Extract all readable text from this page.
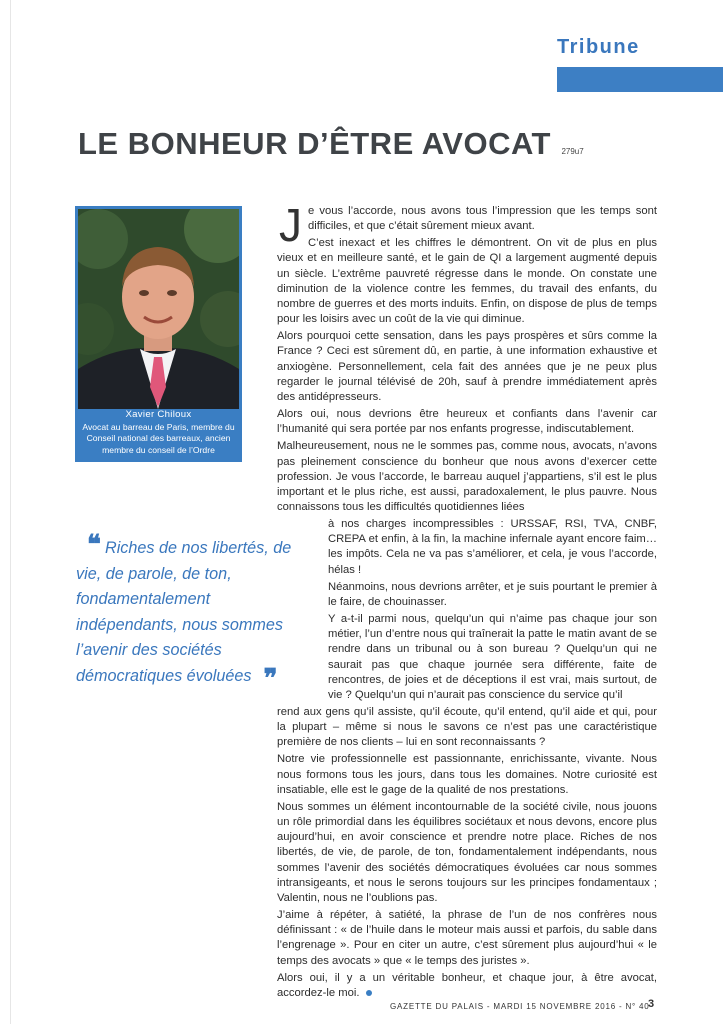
Tribune
LE BONHEUR D’ÊTRE AVOCAT 279u7
Xavier Chiloux
Avocat au barreau de Paris, membre du Conseil national des barreaux, ancien membre du conseil de l’Ordre
❝ Riches de nos libertés, de vie, de parole, de ton, fondamentalement indépendants, nous sommes l’avenir des sociétés démocratiques évoluées ❞

Je vous l’accorde, nous avons tous l’impression que les temps sont difficiles, et que c’était sûrement mieux avant.

C’est inexact et les chiffres le démontrent. On vit de plus en plus vieux et en meilleure santé, et le gain de QI a largement augmenté depuis un siècle. L’extrême pauvreté régresse dans le monde. On constate une diminution de la violence contre les femmes, du travail des enfants, du nombre de guerres et des morts induits. Enfin, on dispose de plus de temps pour les loisirs avec un coût de la vie qui diminue.

Alors pourquoi cette sensation, dans les pays prospères et sûrs comme la France ? Ceci est sûrement dû, en partie, à une information exhaustive et anxiogène. Personnellement, cela fait des années que je ne peux plus regarder le journal télévisé de 20h, sauf à prendre immédiatement après des antidépresseurs.

Alors oui, nous devrions être heureux et confiants dans l’avenir car l’humanité qui sera portée par nos enfants progresse, indiscutablement.

Malheureusement, nous ne le sommes pas, comme nous, avocats, n’avons pas pleinement conscience du bonheur que nous avons d’exercer cette profession. Je vous l’accorde, le barreau auquel j’appartiens, s’il est le plus important et le plus riche, est aussi, paradoxalement, le plus pauvre. Nous connaissons tous les difficultés quotidiennes liées

à nos charges incompressibles : URSSAF, RSI, TVA, CNBF, CREPA et enfin, à la fin, la machine infernale ayant encore faim… les impôts. Cela ne va pas s’améliorer, et cela, je vous l’accorde, hélas !

Néanmoins, nous devrions arrêter, et je suis pourtant le premier à le faire, de chouinasser.

Y a-t-il parmi nous, quelqu’un qui n’aime pas chaque jour son métier, l’un d’entre nous qui traînerait la patte le matin avant de se rendre dans un tribunal ou à son bureau ? Quelqu’un qui ne saurait pas que chaque journée sera différente, faite de rencontres, de joies et de déceptions il est vrai, mais surtout, de vie ? Quelqu’un qui n’aurait pas conscience du service qu’il

rend aux gens qu’il assiste, qu’il écoute, qu’il entend, qu’il aide et qui, pour la plupart – même si nous le savons ce n’est pas une caractéristique première de nos clients – lui en sont reconnaissants ?

Notre vie professionnelle est passionnante, enrichissante, vivante. Nous nous formons tous les jours, dans tous les domaines. Notre curiosité est insatiable, elle est le gage de la qualité de nos prestations.

Nous sommes un élément incontournable de la société civile, nous jouons un rôle primordial dans les équilibres sociétaux et nous devons, encore plus aujourd’hui, en avoir conscience et prendre notre place. Riches de nos libertés, de vie, de parole, de ton, fondamentalement indépendants, nous sommes l’avenir des sociétés démocratiques évoluées car nous sommes intransigeants, et nous le serons toujours sur les principes fondamentaux ; Valentin, nous ne l’oublions pas.

J’aime à répéter, à satiété, la phrase de l’un de nos confrères nous définissant : « de l’huile dans le moteur mais aussi et parfois, du sable dans l’engrenage ». Pour en citer un autre, c’est sûrement plus aujourd’hui « le temps des avocats » que « le temps des juristes ».

Alors oui, il y a un véritable bonheur, et chaque jour, à être avocat, accordez-le moi.

GAZETTE DU PALAIS - MARDI 15 NOVEMBRE 2016 - N° 40
3
